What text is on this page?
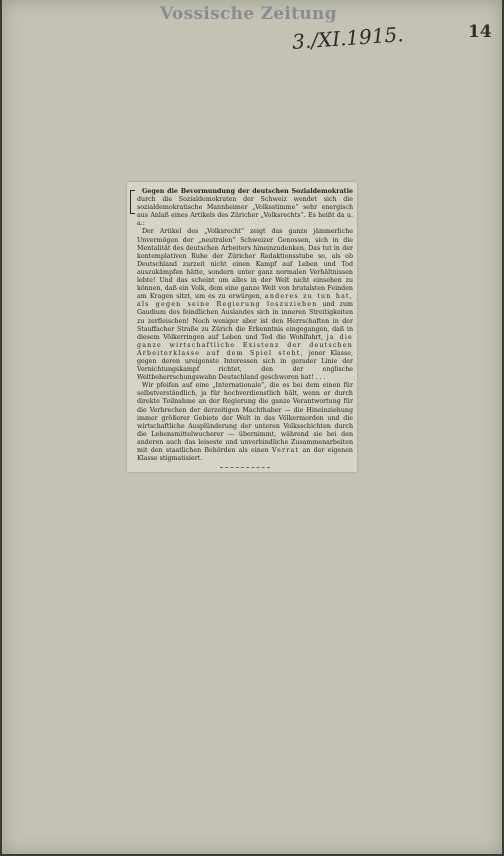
Vossische Zeitung
3./XI.1915.	14

Gegen die Bevormundung der deutschen Sozialdemokratie durch die Sozialdemokraten der Schweiz wendet sich die sozialdemokratische Mannheimer „Volksstimme“ sehr energisch aus Anlaß eines Artikels des Züricher „Volksrechts“. Es heißt da u. a.:

Der Artikel des „Volksrecht“ zeigt das ganze jämmerliche Unvermögen der „neutralen“ Schweizer Genossen, sich in die Mentalität des deutschen Arbeiters hineinzudenken. Das tut in der kontemplativen Ruhe der Züricher Redaktionsstube so, als ob Deutschland zurzeit nicht einen Kampf auf Leben und Tod auszukämpfen hätte, sondern unter ganz normalen Verhältnissen lebte! Und das scheint um alles in der Welt nicht einsehen zu können, daß ein Volk, dem eine ganze Welt von brutalsten Feinden am Kragen sitzt, um es zu erwürgen, anderes zu tun hat, als gegen seine Regierung loszuziehen und zum Gaudium des feindlichen Auslandes sich in inneren Streitigkeiten zu zerfleischen! Noch weniger aber ist den Herrschaften in der Stauffacher Straße zu Zürich die Erkenntnis eingegangen, daß in diesem Völkerringen auf Leben und Tod die Wohlfahrt, ja die ganze wirtschaftliche Existenz der deutschen Arbeiterklasse auf dem Spiel steht, jener Klasse, gegen deren ureigenste Interessen sich in gerader Linie der Vernichtungskampf richtet, den der englische Weltbeherrschungswahn Deutschland geschworen hat! . . .

Wir pfeifen auf eine „Internationale“, die es bei dem einen für selbstverständlich, ja für hochverdienstlich hält, wenn er durch direkte Teilnahme an der Regierung die ganze Verantwortung für die Verbrechen der derzeitigen Machthaber — die Hineinziehung immer größerer Gebiete der Welt in das Völkermorden und die wirtschaftliche Ausplünderung der unteren Volksschichten durch die Lebensmittelwucherer — übernimmt, während sie bei den anderen auch das leiseste und unverbindliche Zusammenarbeiten mit den staatlichen Behörden als einen Verrat an der eigenen Klasse stigmatisiert.
